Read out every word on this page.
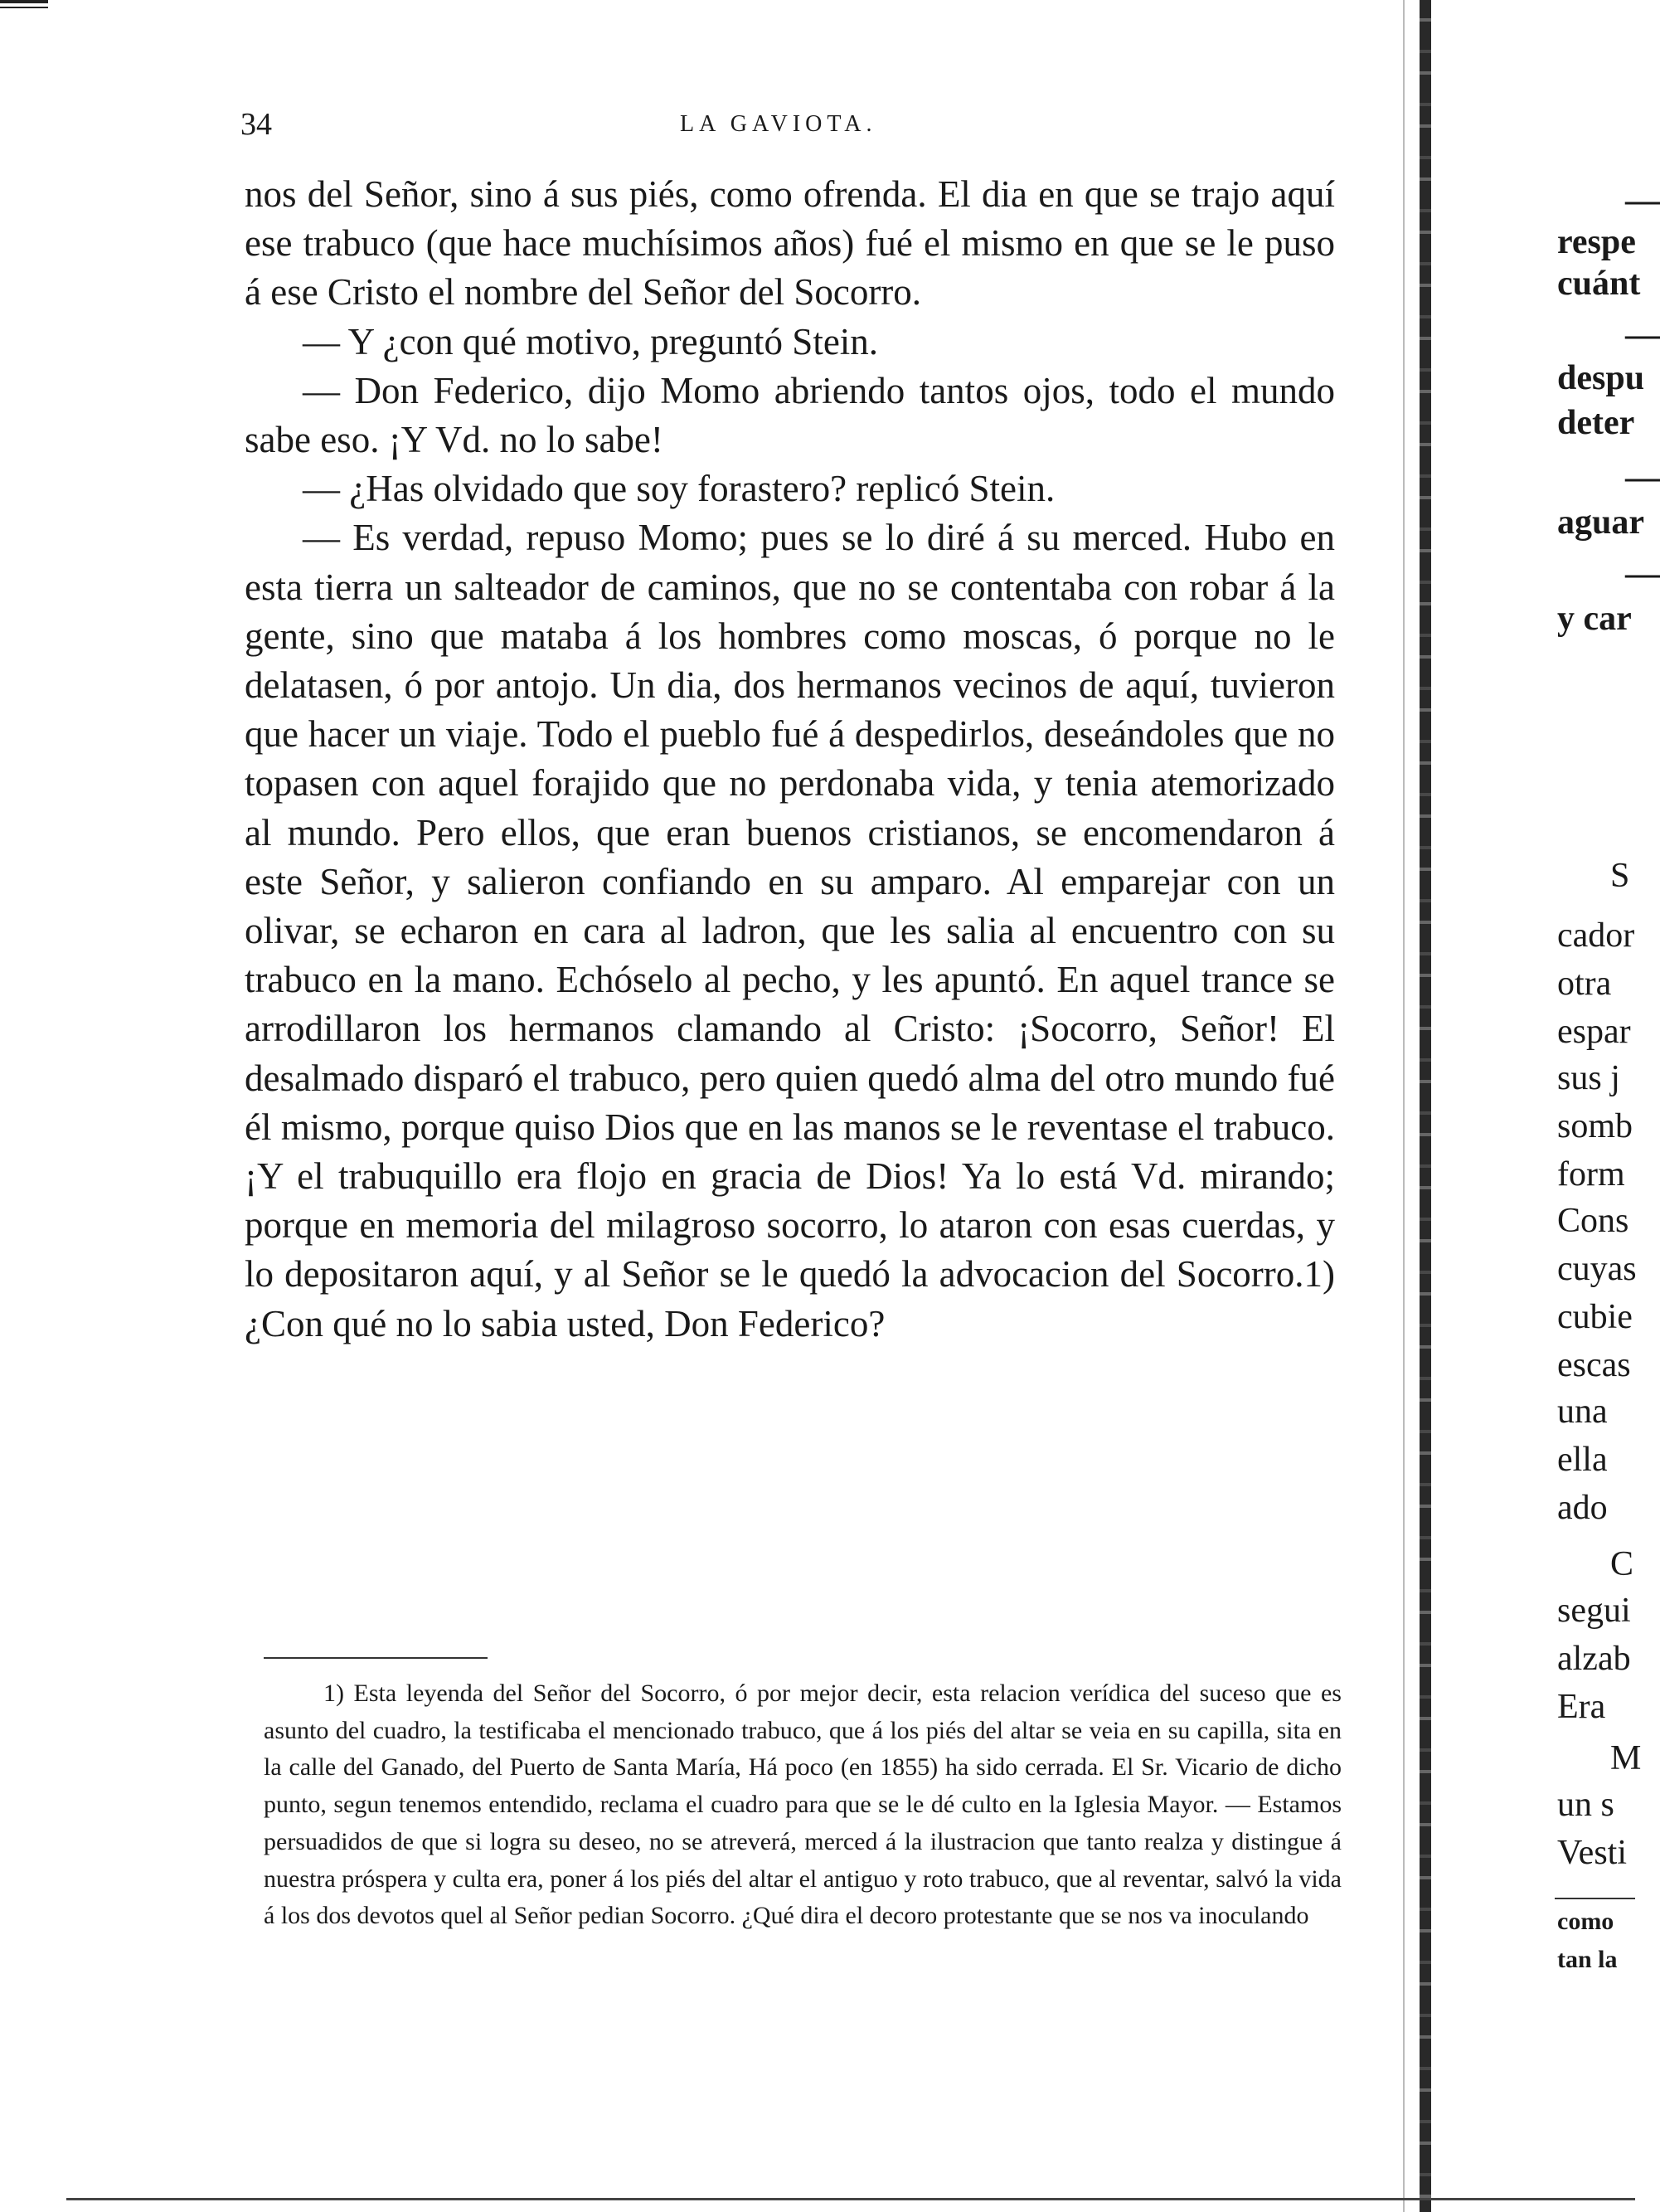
34	LA GAVIOTA.

nos del Señor, sino á sus piés, como ofrenda. El dia en que se trajo aquí ese trabuco (que hace muchísimos años) fué el mismo en que se le puso á ese Cristo el nombre del Señor del Socorro.

— Y ¿con qué motivo, preguntó Stein.

— Don Federico, dijo Momo abriendo tantos ojos, todo el mundo sabe eso. ¡Y Vd. no lo sabe!

— ¿Has olvidado que soy forastero? replicó Stein.

— Es verdad, repuso Momo; pues se lo diré á su merced. Hubo en esta tierra un salteador de caminos, que no se contentaba con robar á la gente, sino que mataba á los hombres como moscas, ó porque no le delatasen, ó por antojo. Un dia, dos hermanos vecinos de aquí, tuvieron que hacer un viaje. Todo el pueblo fué á despedirlos, deseándoles que no topasen con aquel forajido que no perdonaba vida, y tenia atemorizado al mundo. Pero ellos, que eran buenos cristianos, se encomendaron á este Señor, y salieron confiando en su amparo. Al emparejar con un olivar, se echaron en cara al ladron, que les salia al encuentro con su trabuco en la mano. Echóselo al pecho, y les apuntó. En aquel trance se arrodillaron los hermanos clamando al Cristo: ¡Socorro, Señor! El desalmado disparó el trabuco, pero quien quedó alma del otro mundo fué él mismo, porque quiso Dios que en las manos se le reventase el trabuco. ¡Y el trabuquillo era flojo en gracia de Dios! Ya lo está Vd. mirando; porque en memoria del milagroso socorro, lo ataron con esas cuerdas, y lo depositaron aquí, y al Señor se le quedó la advocacion del Socorro.1) ¿Con qué no lo sabia usted, Don Federico?

1) Esta leyenda del Señor del Socorro, ó por mejor decir, esta relacion verídica del suceso que es asunto del cuadro, la testificaba el mencionado trabuco, que á los piés del altar se veia en su capilla, sita en la calle del Ganado, del Puerto de Santa María, Há poco (en 1855) ha sido cerrada. El Sr. Vicario de dicho punto, segun tenemos entendido, reclama el cuadro para que se le dé culto en la Iglesia Mayor. — Estamos persuadidos de que si logra su deseo, no se atreverá, merced á la ilustracion que tanto realza y distingue á nuestra próspera y culta era, poner á los piés del altar el antiguo y roto trabuco, que al reventar, salvó la vida á los dos devotos quel al Señor pedian Socorro. ¿Qué dira el decoro protestante que se nos va inoculando

—
respe
cuánt
—
despu
deter
—
aguar
—
y car
S
cador
otra
espar
sus j
somb
form
Cons
cuyas
cubie
escas
una
ella
ado
C
segui
alzab
Era
M
un s
Vesti
como
tan la
